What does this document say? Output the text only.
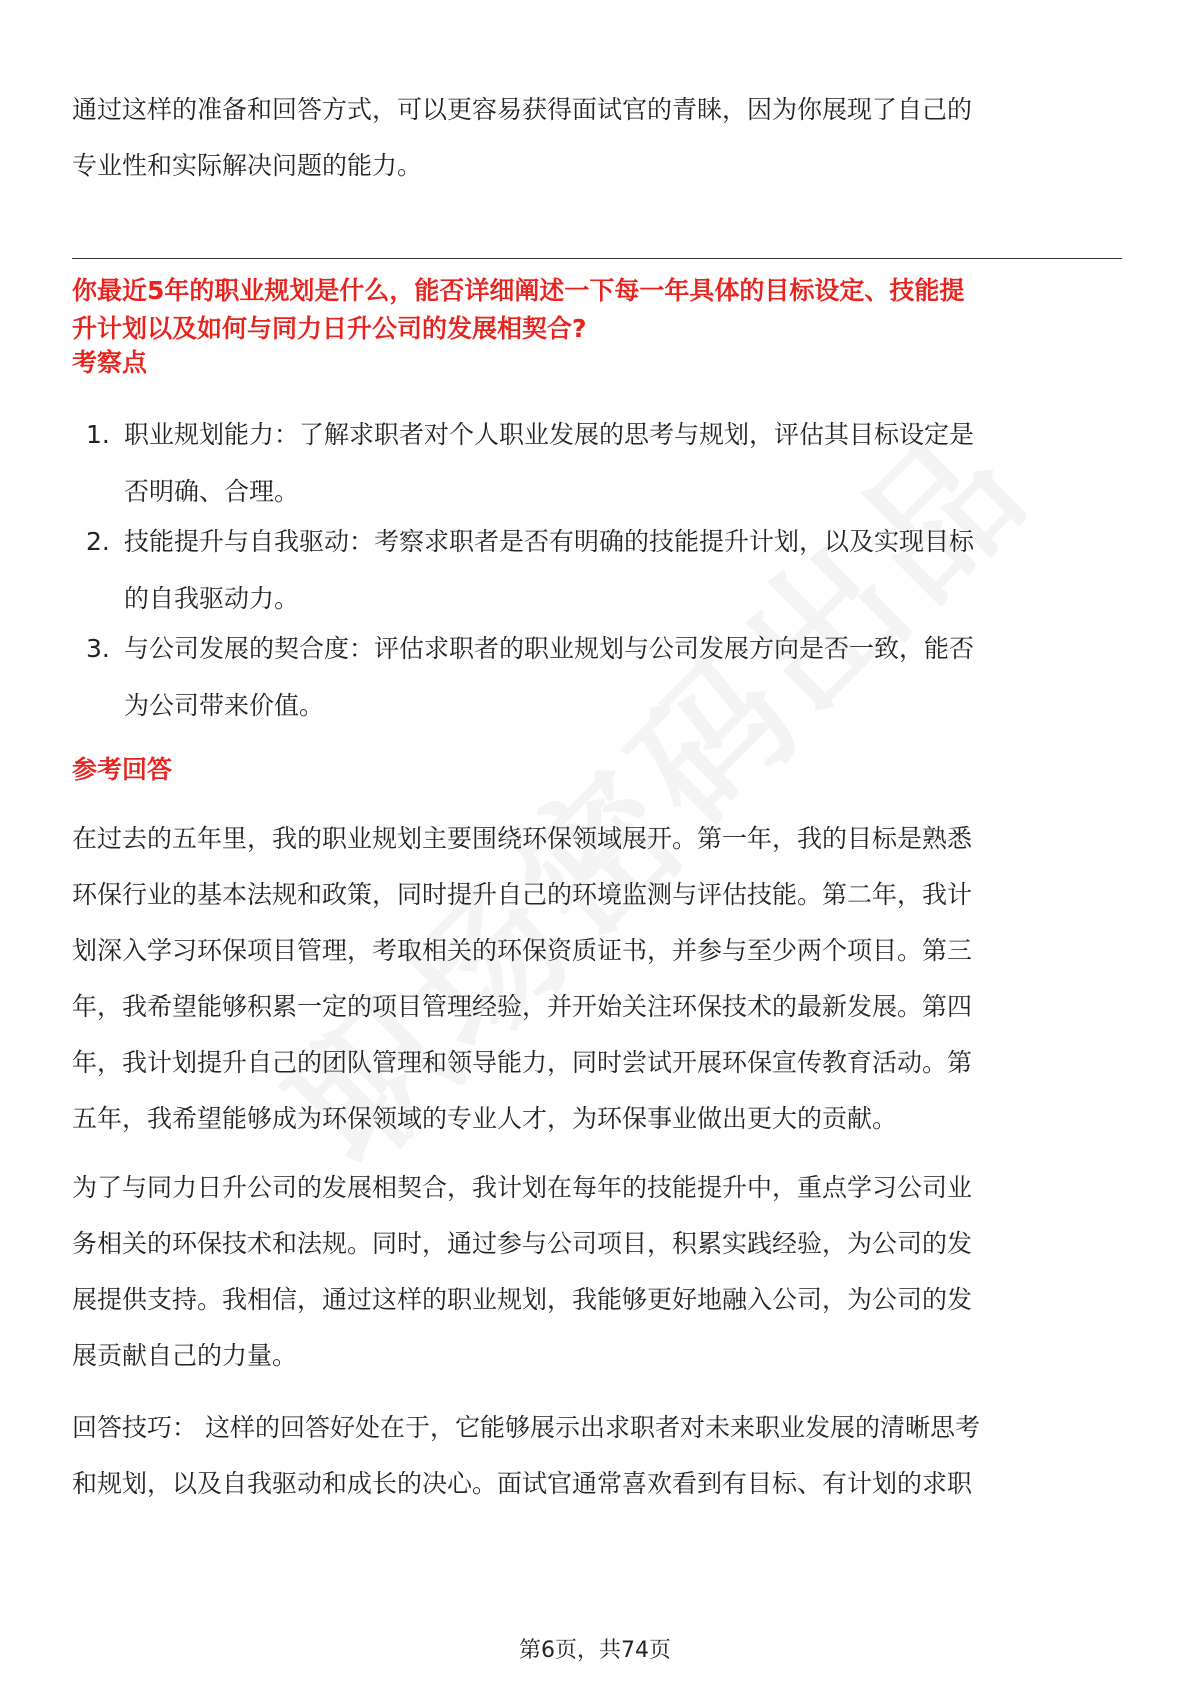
通过这样的准备和回答方式，可以更容易获得面试官的青睐，因为你展现了自己的
专业性和实际解决问题的能力。

你最近5年的职业规划是什么，能否详细阐述一下每一年具体的目标设定、技能提
升计划以及如何与同力日升公司的发展相契合?

考察点

1. 职业规划能力：了解求职者对个人职业发展的思考与规划，评估其目标设定是
否明确、合理。
2. 技能提升与自我驱动：考察求职者是否有明确的技能提升计划，以及实现目标
的自我驱动力。
3. 与公司发展的契合度：评估求职者的职业规划与公司发展方向是否一致，能否
为公司带来价值。

参考回答

在过去的五年里，我的职业规划主要围绕环保领域展开。第一年，我的目标是熟悉
环保行业的基本法规和政策，同时提升自己的环境监测与评估技能。第二年，我计
划深入学习环保项目管理，考取相关的环保资质证书，并参与至少两个项目。第三
年，我希望能够积累一定的项目管理经验，并开始关注环保技术的最新发展。第四
年，我计划提升自己的团队管理和领导能力，同时尝试开展环保宣传教育活动。第
五年，我希望能够成为环保领域的专业人才，为环保事业做出更大的贡献。

为了与同力日升公司的发展相契合，我计划在每年的技能提升中，重点学习公司业
务相关的环保技术和法规。同时，通过参与公司项目，积累实践经验，为公司的发
展提供支持。我相信，通过这样的职业规划，我能够更好地融入公司，为公司的发
展贡献自己的力量。

回答技巧： 这样的回答好处在于，它能够展示出求职者对未来职业发展的清晰思考
和规划，以及自我驱动和成长的决心。面试官通常喜欢看到有目标、有计划的求职

第6页，共74页
